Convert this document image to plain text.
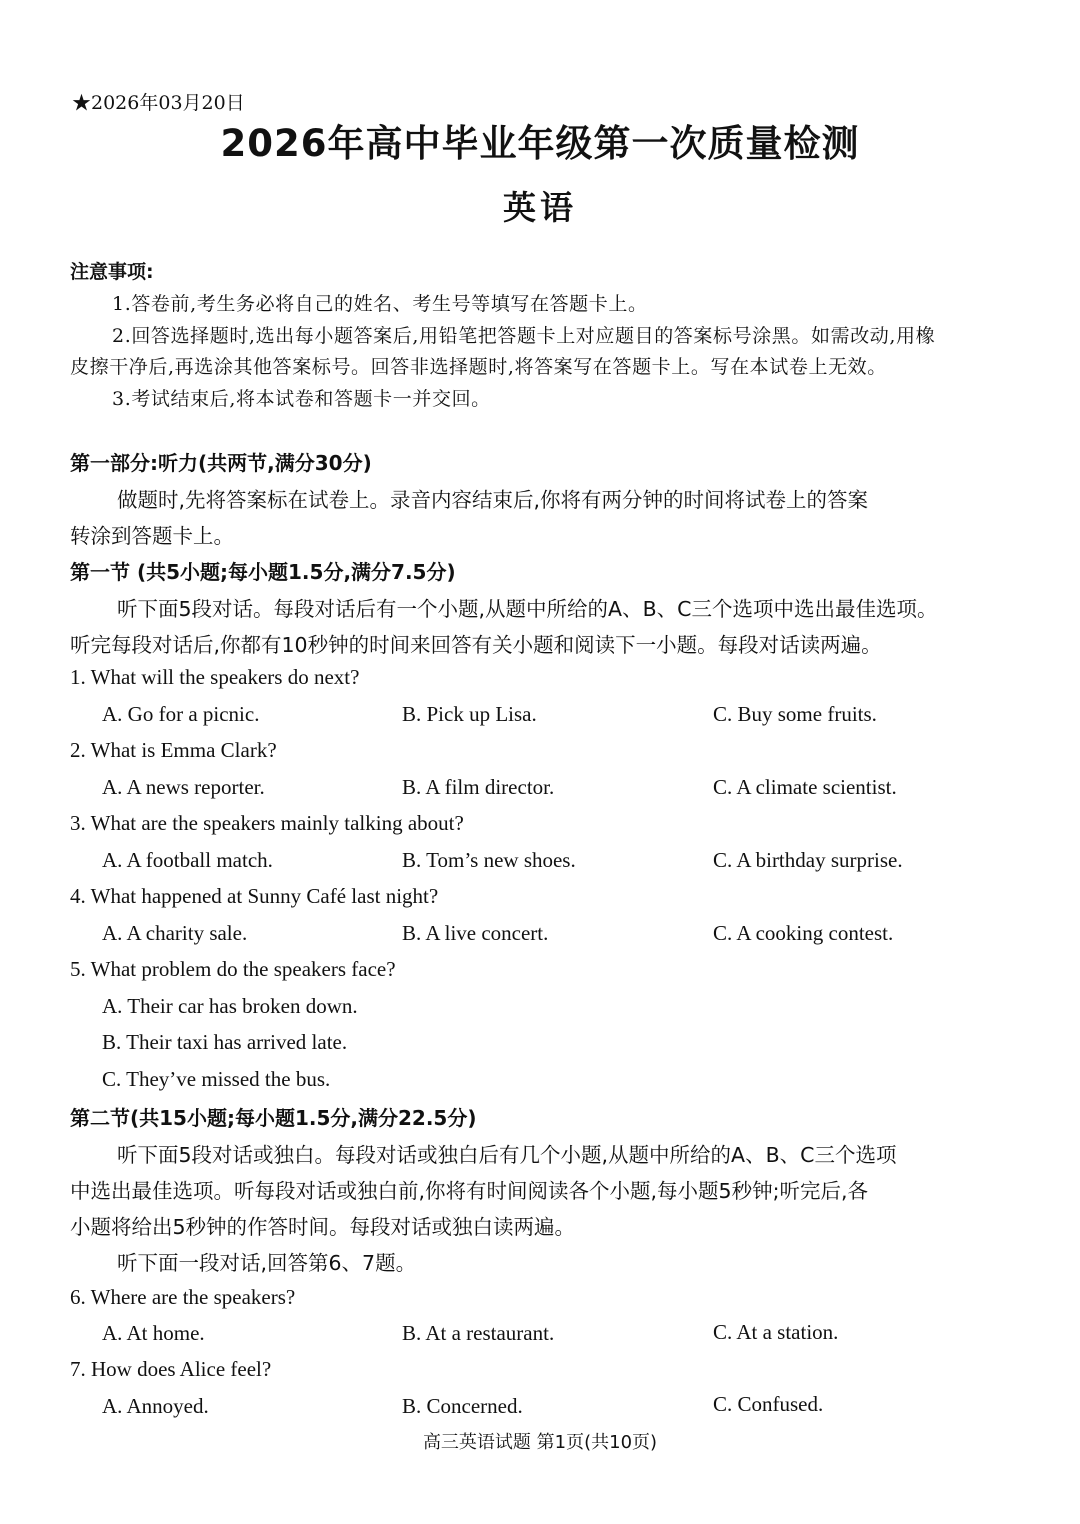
★2026年03月20日
2026年高中毕业年级第一次质量检测
英语
注意事项:
1.答卷前,考生务必将自己的姓名、考生号等填写在答题卡上。
2.回答选择题时,选出每小题答案后,用铅笔把答题卡上对应题目的答案标号涂黑。如需改动,用橡
皮擦干净后,再选涂其他答案标号。回答非选择题时,将答案写在答题卡上。写在本试卷上无效。
3.考试结束后,将本试卷和答题卡一并交回。
第一部分:听力(共两节,满分30分)
做题时,先将答案标在试卷上。录音内容结束后,你将有两分钟的时间将试卷上的答案
转涂到答题卡上。
第一节 (共5小题;每小题1.5分,满分7.5分)
听下面5段对话。每段对话后有一个小题,从题中所给的A、B、C三个选项中选出最佳选项。
听完每段对话后,你都有10秒钟的时间来回答有关小题和阅读下一小题。每段对话读两遍。
1. What will the speakers do next?
A. Go for a picnic.	B. Pick up Lisa.	C. Buy some fruits.
2. What is Emma Clark?
A. A news reporter.	B. A film director.	C. A climate scientist.
3. What are the speakers mainly talking about?
A. A football match.	B. Tom’s new shoes.	C. A birthday surprise.
4. What happened at Sunny Café last night?
A. A charity sale.	B. A live concert.	C. A cooking contest.
5. What problem do the speakers face?
A. Their car has broken down.
B. Their taxi has arrived late.
C. They’ve missed the bus.
第二节(共15小题;每小题1.5分,满分22.5分)
听下面5段对话或独白。每段对话或独白后有几个小题,从题中所给的A、B、C三个选项
中选出最佳选项。听每段对话或独白前,你将有时间阅读各个小题,每小题5秒钟;听完后,各
小题将给出5秒钟的作答时间。每段对话或独白读两遍。
听下面一段对话,回答第6、7题。
6. Where are the speakers?
A. At home.	B. At a restaurant.	C. At a station.
7. How does Alice feel?
A. Annoyed.	B. Concerned.	C. Confused.
高三英语试题 第1页(共10页)
